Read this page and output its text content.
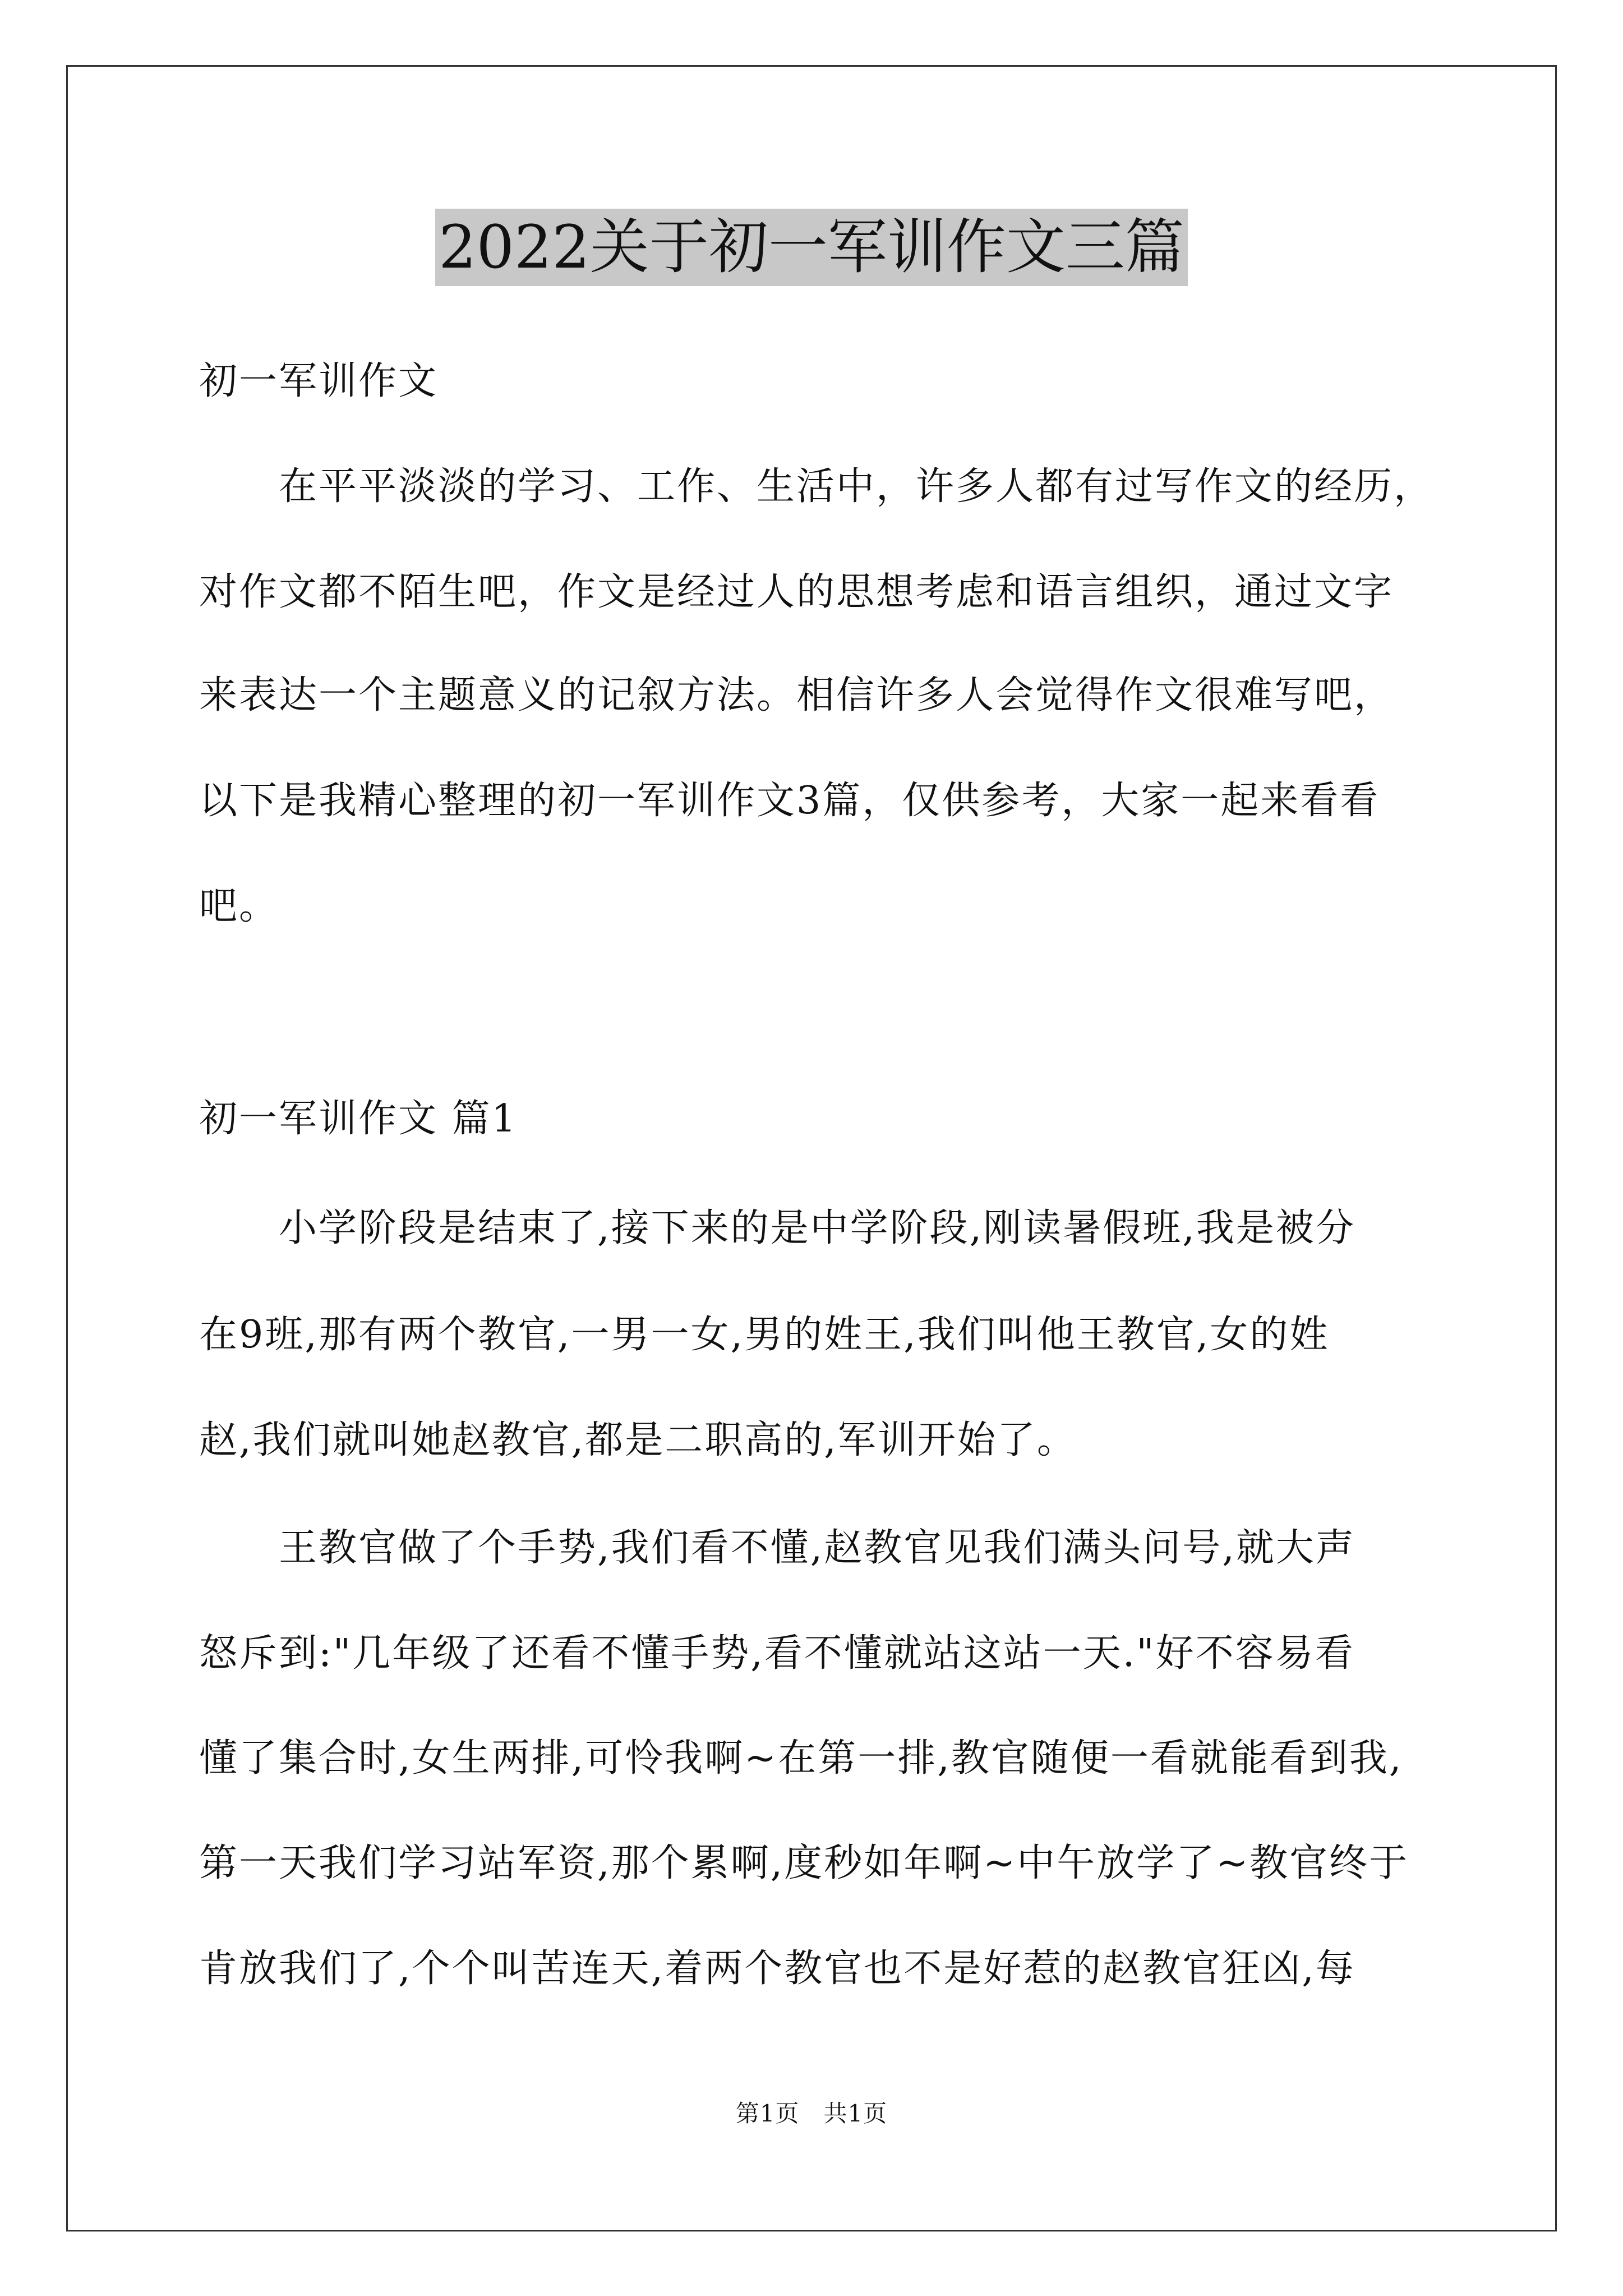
2022关于初一军训作文三篇
初一军训作文
在平平淡淡的学习、工作、生活中，许多人都有过写作文的经历，
对作文都不陌生吧，作文是经过人的思想考虑和语言组织，通过文字
来表达一个主题意义的记叙方法。相信许多人会觉得作文很难写吧，
以下是我精心整理的初一军训作文3篇，仅供参考，大家一起来看看
吧。
初一军训作文 篇1
小学阶段是结束了,接下来的是中学阶段,刚读暑假班,我是被分
在9班,那有两个教官,一男一女,男的姓王,我们叫他王教官,女的姓
赵,我们就叫她赵教官,都是二职高的,军训开始了。
王教官做了个手势,我们看不懂,赵教官见我们满头问号,就大声
怒斥到:"几年级了还看不懂手势,看不懂就站这站一天."好不容易看
懂了集合时,女生两排,可怜我啊~在第一排,教官随便一看就能看到我,
第一天我们学习站军资,那个累啊,度秒如年啊~中午放学了~教官终于
肯放我们了,个个叫苦连天,着两个教官也不是好惹的赵教官狂凶,每
第1页　共1页
